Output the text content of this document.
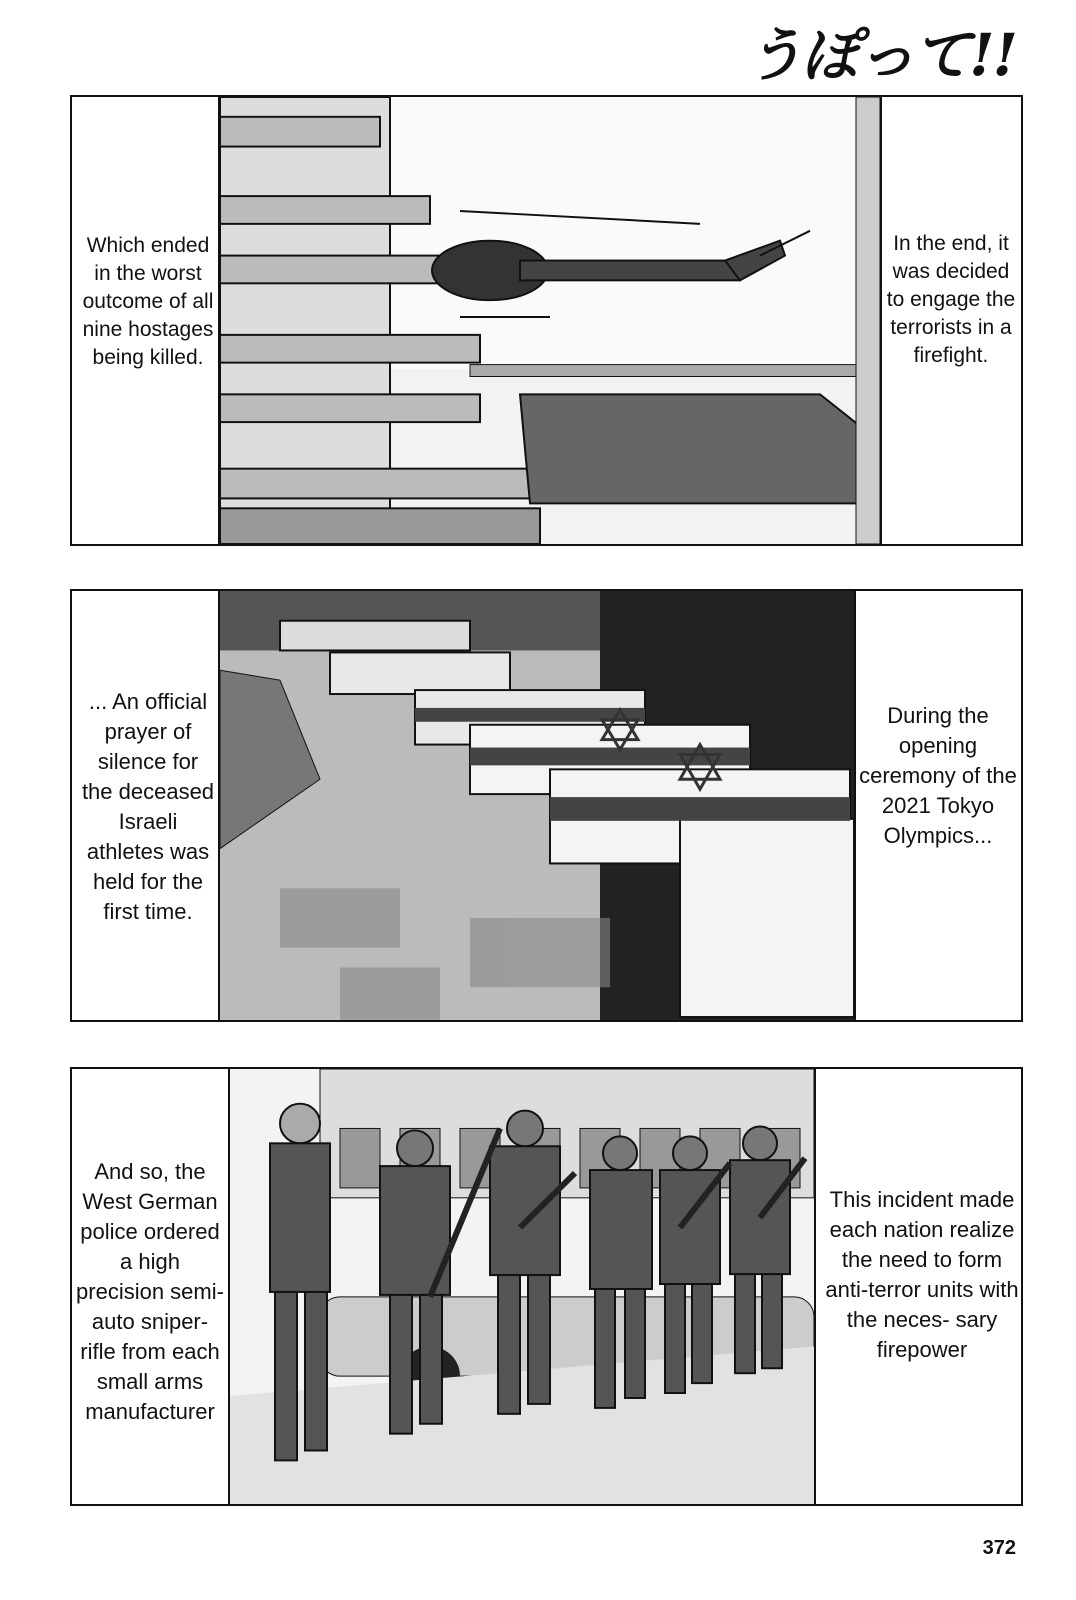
うぽって!!
Which ended in the worst outcome of all nine hostages being killed.
In the end, it was decided to engage the terrorists in a firefight.
... An official prayer of silence for the deceased Israeli athletes was held for the first time.
During the opening ceremony of the 2021 Tokyo Olympics...
And so, the West German police ordered a high precision semi-auto sniper-rifle from each small arms manufacturer
This incident made each nation realize the need to form anti-terror units with the neces- sary firepower
372
